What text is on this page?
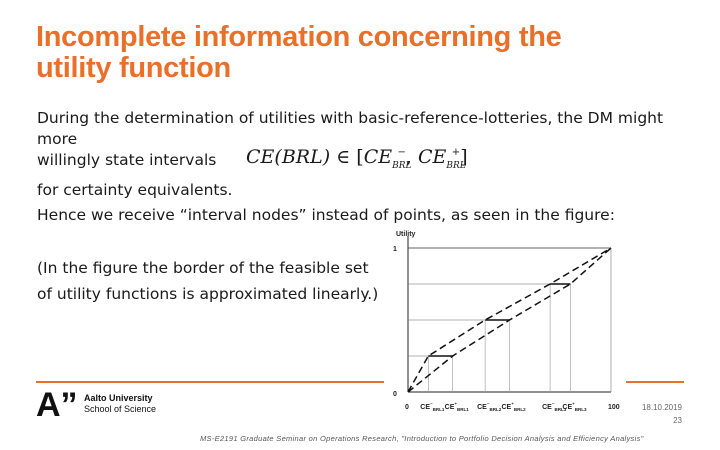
Incomplete information concerning the
utility function
During the determination of utilities with basic-reference-lotteries, the DM might more
willingly state intervals	CE(BRL) ∈ [$CE_{BRL}^-$, $CE_{BRL}^+$]
for certainty equivalents.
Hence we receive “interval nodes” instead of points, as seen in the figure:
(In the figure the border of the feasible set
of utility functions is approximated linearly.)
Utility
0
1
0 $CE^{^-}_{BRL1}$ $CE^{^+}_{BRL1}$ $CE^{^-}_{BRL2}$ $CE^{^+}_{BRL2}$ $CE^{^-}_{BRL3}$
$CE^{^+}_{BRL3}$	100
A” Aalto University
School of Science	18.10.2019
23
MS-E2191 Graduate Seminar on Operations Research, "Introduction to Portfolio Decision Analysis and Efficiency Analysis"
